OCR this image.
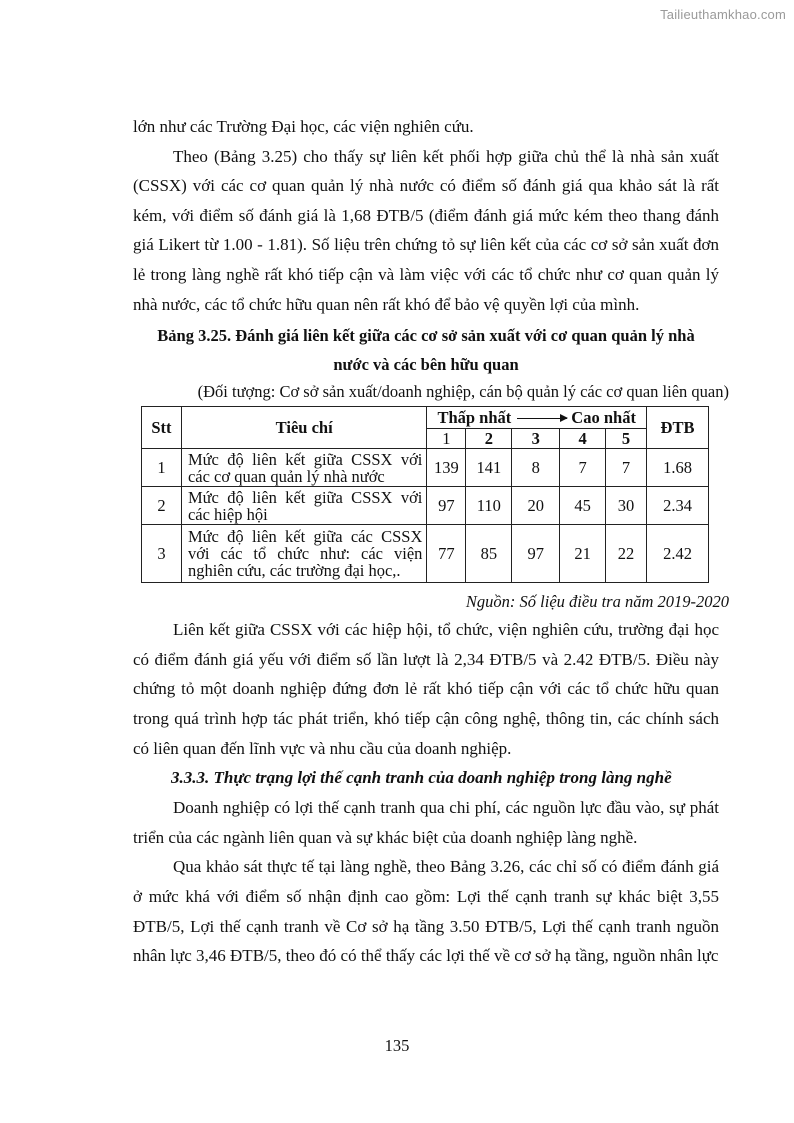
Tailieuthamkhao.com

lớn như các Trường Đại học, các viện nghiên cứu.

Theo (Bảng 3.25) cho thấy sự liên kết phối hợp giữa chủ thể là nhà sản xuất (CSSX) với các cơ quan quản lý nhà nước có điểm số đánh giá qua khảo sát là rất kém, với điểm số đánh giá là 1,68 ĐTB/5 (điểm đánh giá mức kém theo thang đánh giá Likert từ 1.00 - 1.81). Số liệu trên chứng tỏ sự liên kết của các cơ sở sản xuất đơn lẻ trong làng nghề rất khó tiếp cận và làm việc với các tổ chức như cơ quan quản lý nhà nước, các tổ chức hữu quan nên rất khó để bảo vệ quyền lợi của mình.

Bảng 3.25. Đánh giá liên kết giữa các cơ sở sản xuất với cơ quan quản lý nhà
nước và các bên hữu quan
(Đối tượng: Cơ sở sản xuất/doanh nghiệp, cán bộ quản lý các cơ quan liên quan)
Stt	Tiêu chí	Thấp nhất Cao nhất					ĐTB
		1	2	3	4	5	
1	Mức độ liên kết giữa CSSX với các cơ quan quản lý nhà nước	139	141	8	7	7	1.68
2	Mức độ liên kết giữa CSSX với các hiệp hội	97	110	20	45	30	2.34
3	Mức độ liên kết giữa các CSSX với các tổ chức như: các viện nghiên cứu, các trường đại học,.	77	85	97	21	22	2.42
Nguồn: Số liệu điều tra năm 2019-2020

Liên kết giữa CSSX với các hiệp hội, tổ chức, viện nghiên cứu, trường đại học có điểm đánh giá yếu với điểm số lần lượt là 2,34 ĐTB/5 và 2.42 ĐTB/5. Điều này chứng tỏ một doanh nghiệp đứng đơn lẻ rất khó tiếp cận với các tổ chức hữu quan trong quá trình hợp tác phát triển, khó tiếp cận công nghệ, thông tin, các chính sách có liên quan đến lĩnh vực và nhu cầu của doanh nghiệp.

3.3.3. Thực trạng lợi thế cạnh tranh của doanh nghiệp trong làng nghề

Doanh nghiệp có lợi thế cạnh tranh qua chi phí, các nguồn lực đầu vào, sự phát triển của các ngành liên quan và sự khác biệt của doanh nghiệp làng nghề.

Qua khảo sát thực tế tại làng nghề, theo Bảng 3.26, các chỉ số có điểm đánh giá ở mức khá với điểm số nhận định cao gồm: Lợi thế cạnh tranh sự khác biệt 3,55 ĐTB/5, Lợi thế cạnh tranh về Cơ sở hạ tầng 3.50 ĐTB/5, Lợi thế cạnh tranh nguồn nhân lực 3,46 ĐTB/5, theo đó có thể thấy các lợi thế về cơ sở hạ tầng, nguồn nhân lực

135
